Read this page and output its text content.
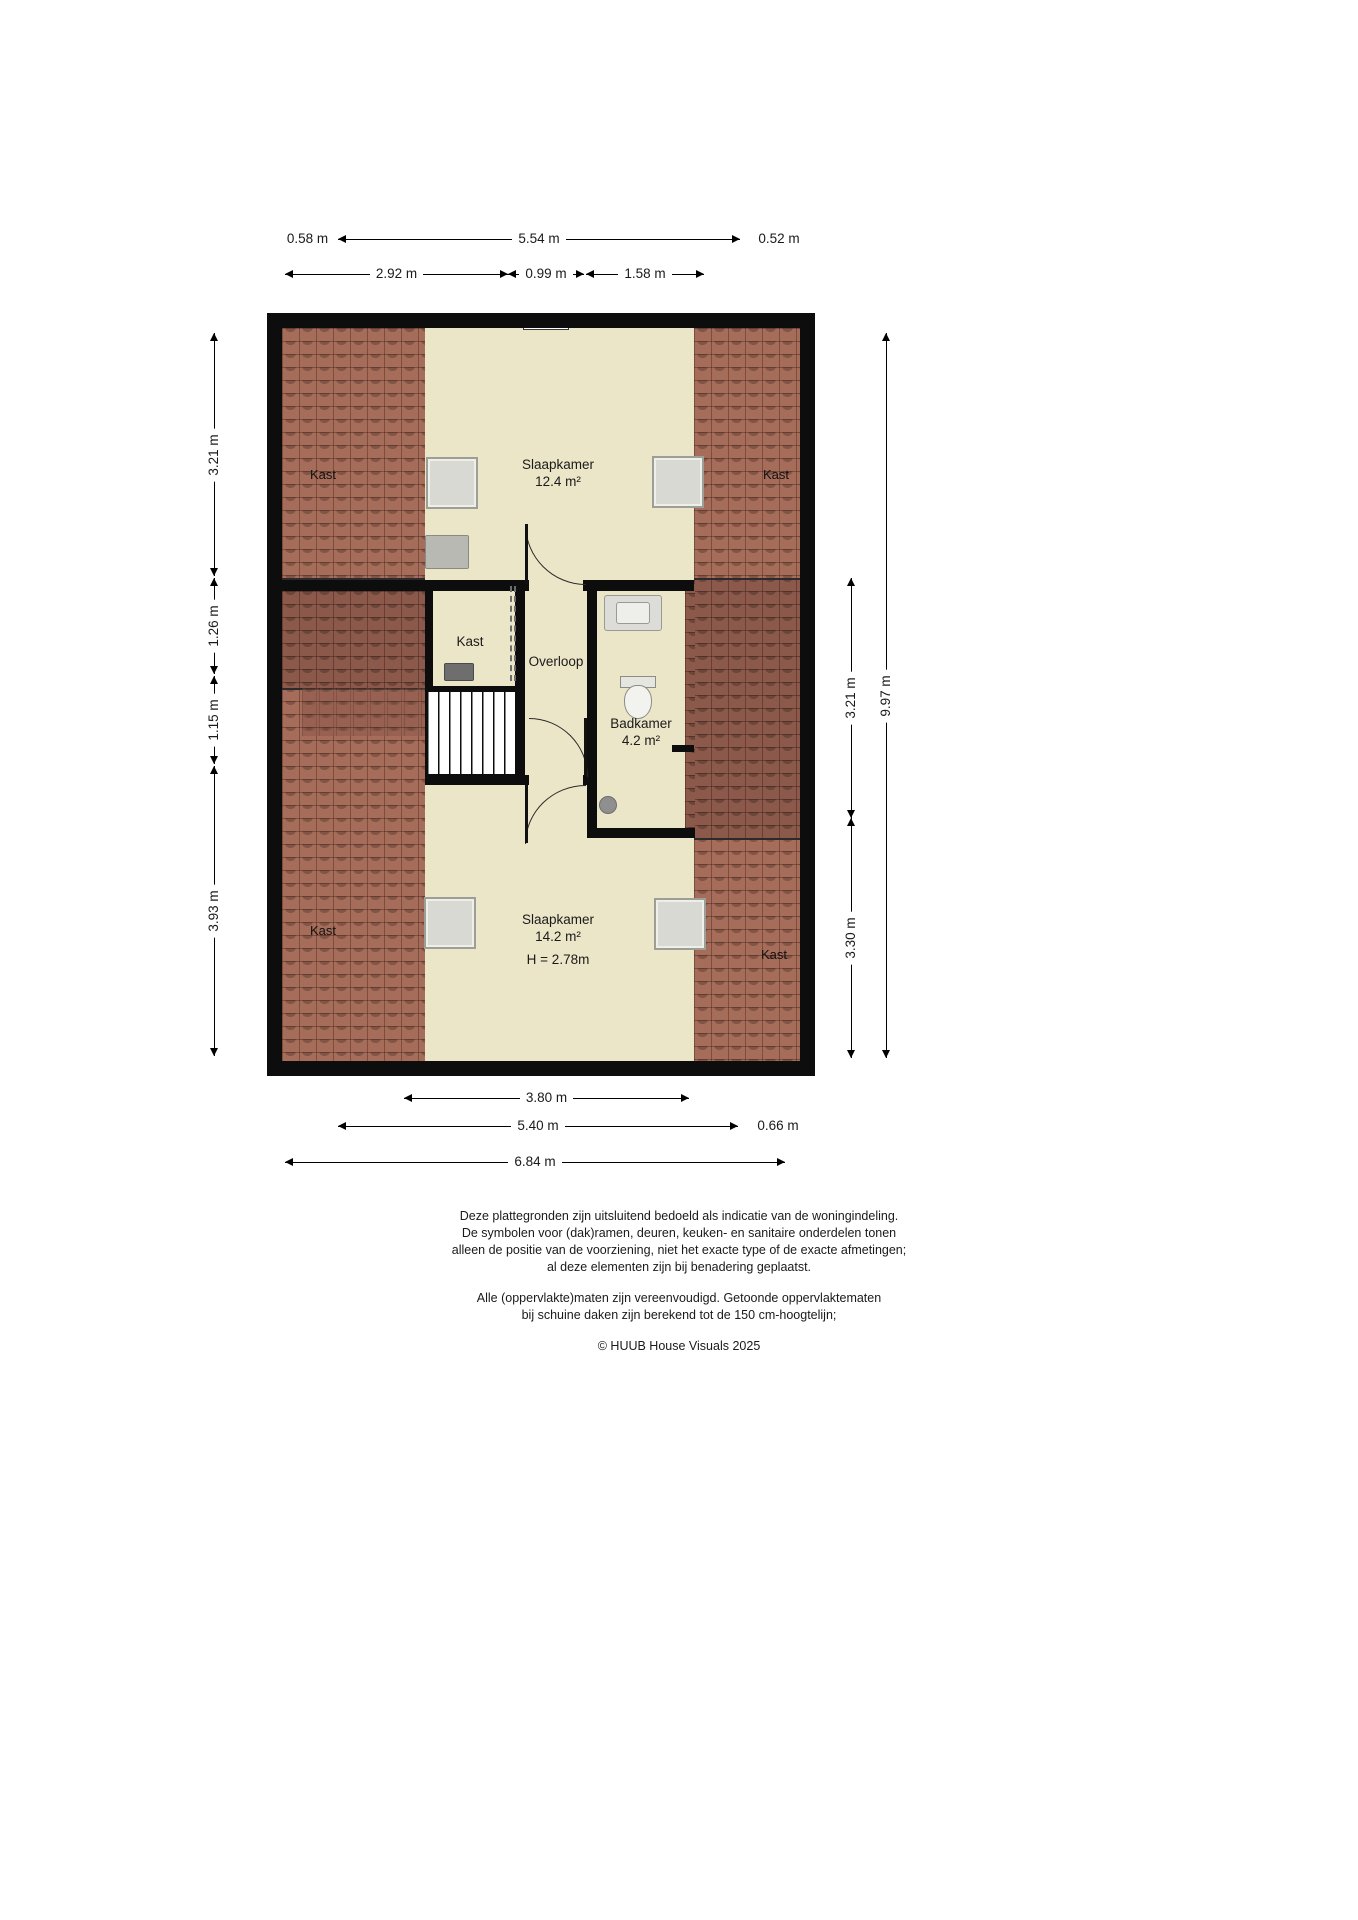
0.58 m	5.54 m	0.52 m
2.92 m	0.99 m	1.58 m
3.21 m
1.26 m
1.15 m
3.93 m
3.21 m
3.30 m
9.97 m
3.80 m
5.40 m	0.66 m
6.84 m
Slaapkamer
12.4 m²
Kast
Overloop
Badkamer
4.2 m²
Slaapkamer
14.2 m²
H = 2.78m
Kast	Kast
Kast
Kast

Deze plattegronden zijn uitsluitend bedoeld als indicatie van de woningindeling.
De symbolen voor (dak)ramen, deuren, keuken- en sanitaire onderdelen tonen
alleen de positie van de voorziening, niet het exacte type of de exacte afmetingen;
al deze elementen zijn bij benadering geplaatst.

Alle (oppervlakte)maten zijn vereenvoudigd. Getoonde oppervlaktematen
bij schuine daken zijn berekend tot de 150 cm-hoogtelijn;

© HUUB House Visuals 2025
